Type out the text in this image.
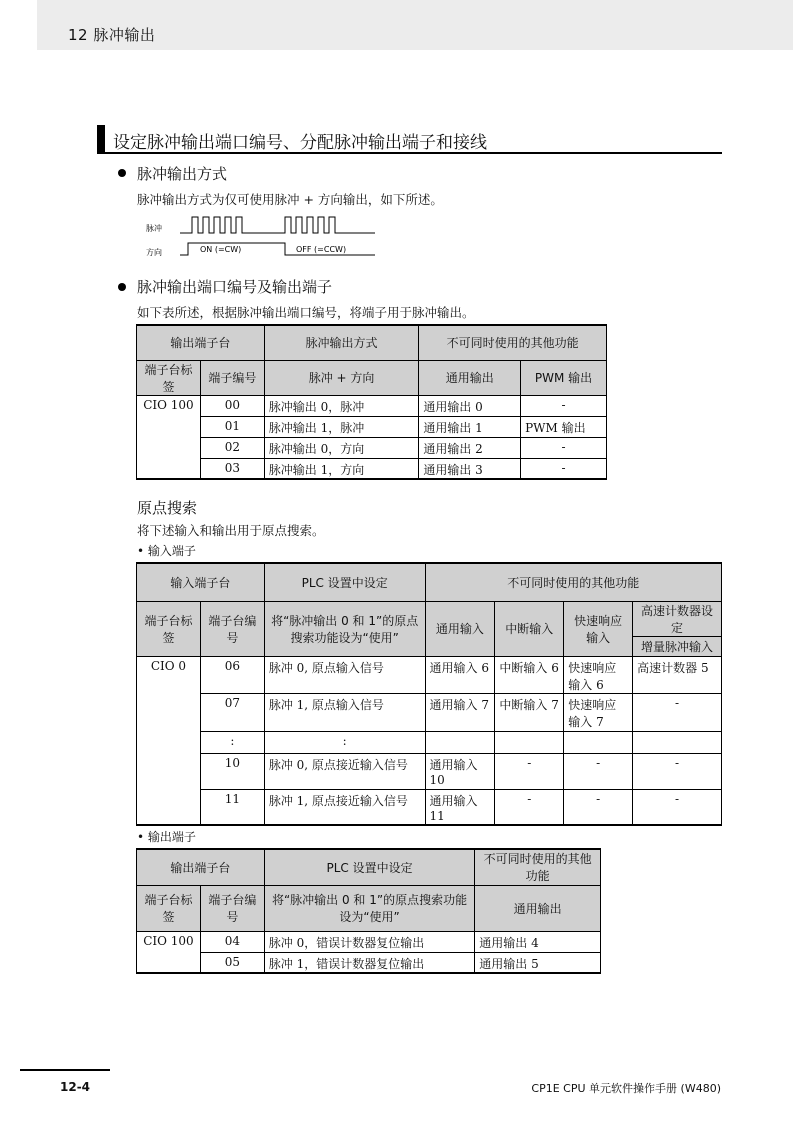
12 脉冲输出
设定脉冲输出端口编号、分配脉冲输出端子和接线
脉冲输出方式
脉冲输出方式为仅可使用脉冲 + 方向输出，如下所述。
脉冲
方向	ON (=CW)	OFF (=CCW)
脉冲输出端口编号及输出端子
如下表所述，根据脉冲输出端口编号，将端子用于脉冲输出。
输出端子台		脉冲输出方式	不可同时使用的其他功能	
端子台标签	端子编号	脉冲 + 方向	通用输出	PWM 输出
CIO 100	00	脉冲输出 0，脉冲	通用输出 0	-
	01	脉冲输出 1，脉冲	通用输出 1	PWM 输出
	02	脉冲输出 0，方向	通用输出 2	-
	03	脉冲输出 1，方向	通用输出 3	-
原点搜索
将下述输入和输出用于原点搜索。
• 输入端子
输入端子台		PLC 设置中设定	不可同时使用的其他功能			
端子台标签	端子台编号	将“脉冲输出 0 和 1”的原点搜索功能设为“使用”	通用输入	中断输入	快速响应输入	高速计数器设定
						增量脉冲输入
CIO 0	06	脉冲 0, 原点输入信号	通用输入 6	中断输入 6	快速响应输入 6	高速计数器 5
	07	脉冲 1, 原点输入信号	通用输入 7	中断输入 7	快速响应输入 7	-
	:	:				
	10	脉冲 0, 原点接近输入信号	通用输入 10	-	-	-
	11	脉冲 1, 原点接近输入信号	通用输入 11	-	-	-
• 输出端子
输出端子台		PLC 设置中设定	不可同时使用的其他功能
端子台标签	端子台编号	将“脉冲输出 0 和 1”的原点搜索功能设为“使用”	通用输出
CIO 100	04	脉冲 0，错误计数器复位输出	通用输出 4
	05	脉冲 1，错误计数器复位输出	通用输出 5
12-4	CP1E CPU 单元软件操作手册 (W480)
